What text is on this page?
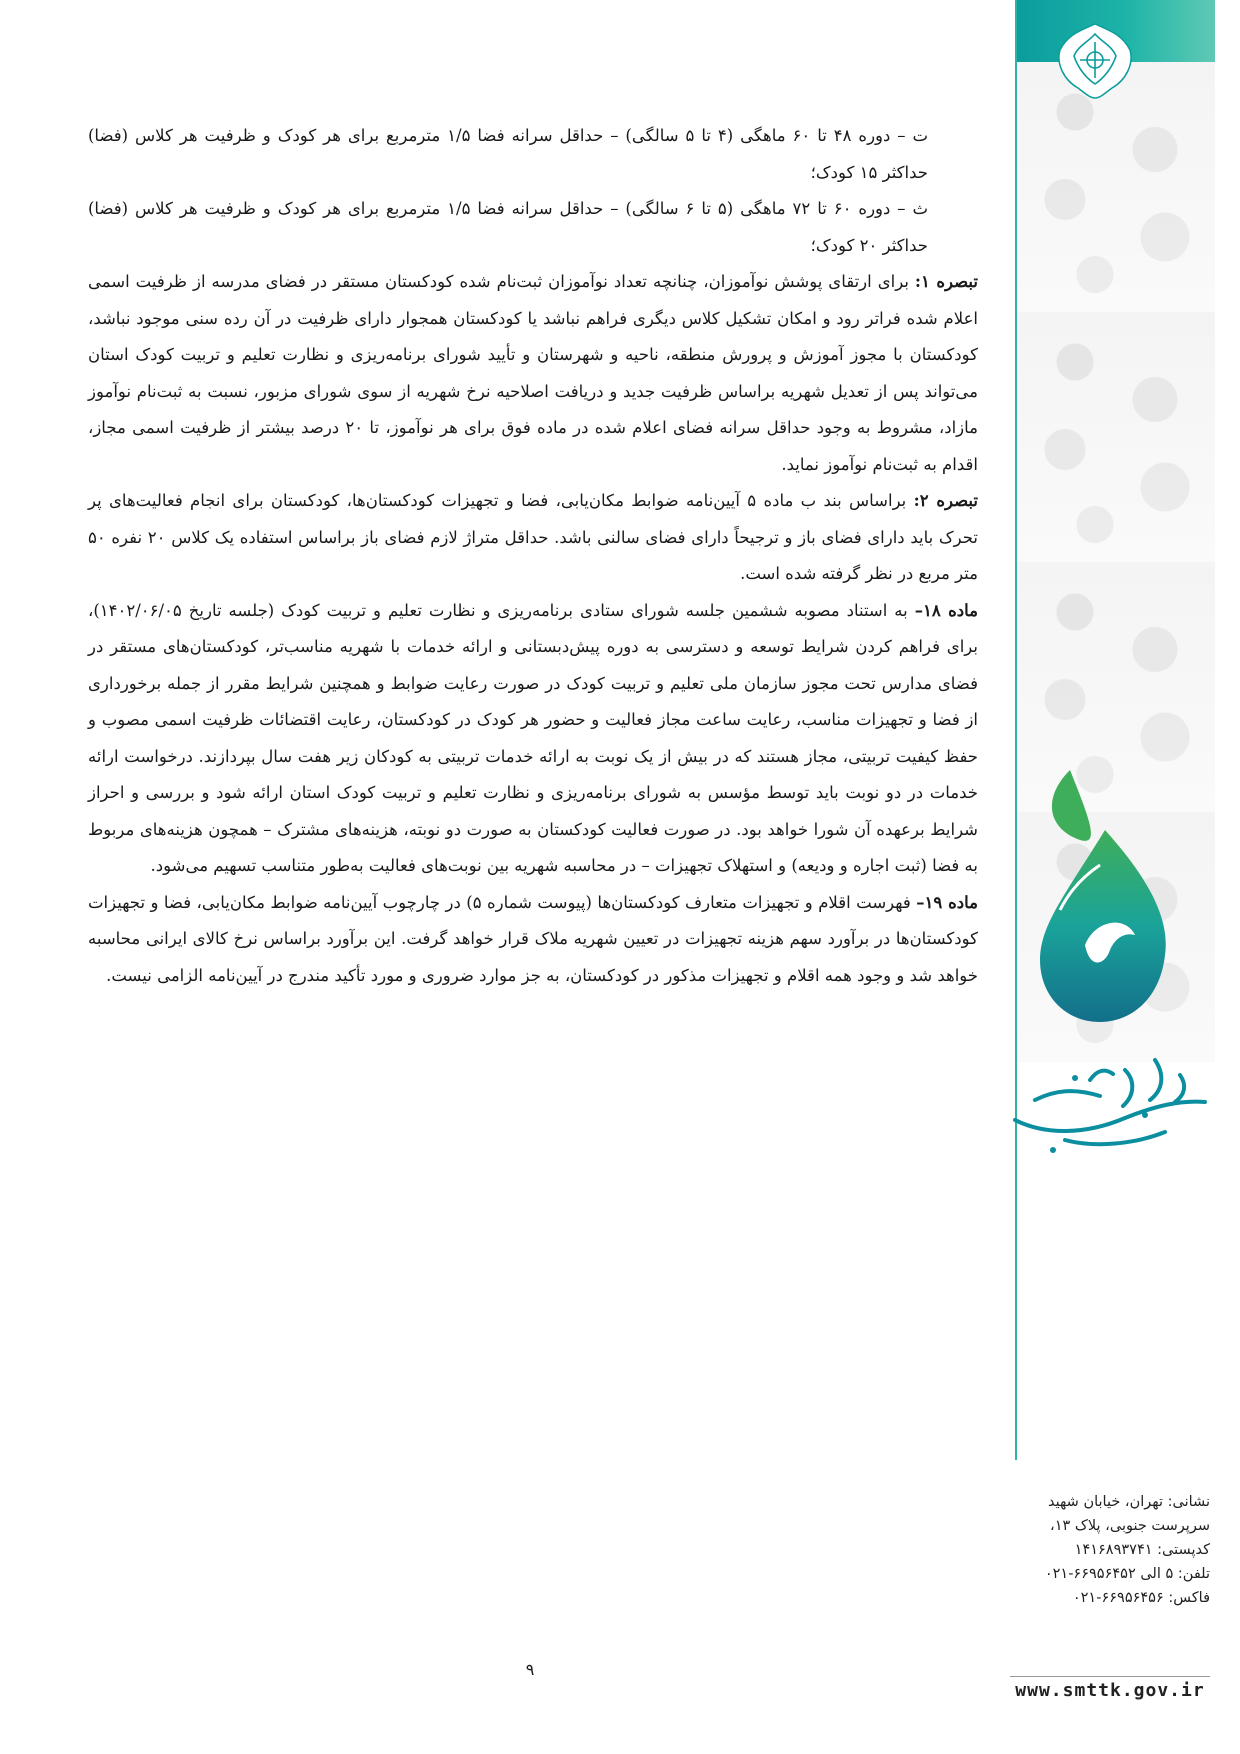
ت – دوره ۴۸ تا ۶۰ ماهگی (۴ تا ۵ سالگی) – حداقل سرانه فضا ۱/۵ مترمربع برای هر کودک و ظرفیت هر کلاس (فضا) حداکثر ۱۵ کودک؛

ث – دوره ۶۰ تا ۷۲ ماهگی (۵ تا ۶ سالگی) – حداقل سرانه فضا ۱/۵ مترمربع برای هر کودک و ظرفیت هر کلاس (فضا) حداکثر ۲۰ کودک؛

تبصره ۱: برای ارتقای پوشش نوآموزان، چنانچه تعداد نوآموزان ثبت‌نام شده کودکستان مستقر در فضای مدرسه از ظرفیت اسمی اعلام شده فراتر رود و امکان تشکیل کلاس دیگری فراهم نباشد یا کودکستان همجوار دارای ظرفیت در آن رده سنی موجود نباشد، کودکستان با مجوز آموزش و پرورش منطقه، ناحیه و شهرستان و تأیید شورای برنامه‌ریزی و نظارت تعلیم و تربیت کودک استان می‌تواند پس از تعدیل شهریه براساس ظرفیت جدید و دریافت اصلاحیه نرخ شهریه از سوی شورای مزبور، نسبت به ثبت‌نام نوآموز مازاد، مشروط به وجود حداقل سرانه فضای اعلام شده در ماده فوق برای هر نوآموز، تا ۲۰ درصد بیشتر از ظرفیت اسمی مجاز، اقدام به ثبت‌نام نوآموز نماید.

تبصره ۲: براساس بند ب ماده ۵ آیین‌نامه ضوابط مکان‌یابی، فضا و تجهیزات کودکستان‌ها، کودکستان برای انجام فعالیت‌های پر تحرک باید دارای فضای باز و ترجیحاً دارای فضای سالنی باشد. حداقل متراژ لازم فضای باز براساس استفاده یک کلاس ۲۰ نفره ۵۰ متر مربع در نظر گرفته شده است.

ماده ۱۸– به استناد مصوبه ششمین جلسه شورای ستادی برنامه‌ریزی و نظارت تعلیم و تربیت کودک (جلسه تاریخ ۱۴۰۲/۰۶/۰۵)، برای فراهم کردن شرایط توسعه و دسترسی به دوره پیش‌دبستانی و ارائه خدمات با شهریه مناسب‌تر، کودکستان‌های مستقر در فضای مدارس تحت مجوز سازمان ملی تعلیم و تربیت کودک در صورت رعایت ضوابط و همچنین شرایط مقرر از جمله برخورداری از فضا و تجهیزات مناسب، رعایت ساعت مجاز فعالیت و حضور هر کودک در کودکستان، رعایت اقتضائات ظرفیت اسمی مصوب و حفظ کیفیت تربیتی، مجاز هستند که در بیش از یک نوبت به ارائه خدمات تربیتی به کودکان زیر هفت سال بپردازند. درخواست ارائه خدمات در دو نوبت باید توسط مؤسس به شورای برنامه‌ریزی و نظارت تعلیم و تربیت کودک استان ارائه شود و بررسی و احراز شرایط برعهده آن شورا خواهد بود. در صورت فعالیت کودکستان به صورت دو نوبته، هزینه‌های مشترک – همچون هزینه‌های مربوط به فضا (ثبت اجاره و ودیعه) و استهلاک تجهیزات – در محاسبه شهریه بین نوبت‌های فعالیت به‌طور متناسب تسهیم می‌شود.

ماده ۱۹– فهرست اقلام و تجهیزات متعارف کودکستان‌ها (پیوست شماره ۵) در چارچوب آیین‌نامه ضوابط مکان‌یابی، فضا و تجهیزات کودکستان‌ها در برآورد سهم هزینه تجهیزات در تعیین شهریه ملاک قرار خواهد گرفت. این برآورد براساس نرخ کالای ایرانی محاسبه خواهد شد و وجود همه اقلام و تجهیزات مذکور در کودکستان، به جز موارد ضروری و مورد تأکید مندرج در آیین‌نامه الزامی نیست.

نشانی: تهران، خیابان شهید
سرپرست جنوبی، پلاک ۱۳،
کدپستی: ۱۴۱۶۸۹۳۷۴۱
تلفن: ۵ الی ۶۶۹۵۶۴۵۲-۰۲۱
فاکس: ۶۶۹۵۶۴۵۶-۰۲۱
www.smttk.gov.ir
۹
